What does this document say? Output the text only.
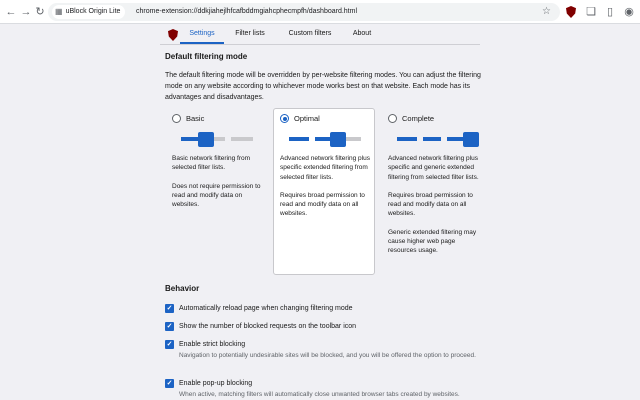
← → ↻ ▦ uBlock Origin Lite chrome-extension://ddkjiahejlhfcafbddmgiahcphecmpfh/dashboard.html	☆	❏	▯	◉
Settings	Filter lists	Custom filters	About
Default filtering mode
The default filtering mode will be overridden by per-website filtering modes. You can adjust the filtering mode on any website according to whichever mode works best on that website. Each mode has its advantages and disadvantages.
Basic

Basic network filtering from selected filter lists.

Does not require permission to read and modify data on websites.

Optimal

Advanced network filtering plus specific extended filtering from selected filter lists.

Requires broad permission to read and modify data on all websites.

Complete

Advanced network filtering plus specific and generic extended filtering from selected filter lists.

Requires broad permission to read and modify data on all websites.

Generic extended filtering may cause higher web page resources usage.

Behavior
✓ Automatically reload page when changing filtering mode
✓ Show the number of blocked requests on the toolbar icon
✓ Enable strict blocking
Navigation to potentially undesirable sites will be blocked, and you will be offered the option to proceed.
✓ Enable pop-up blocking
When active, matching filters will automatically close unwanted browser tabs created by websites.
